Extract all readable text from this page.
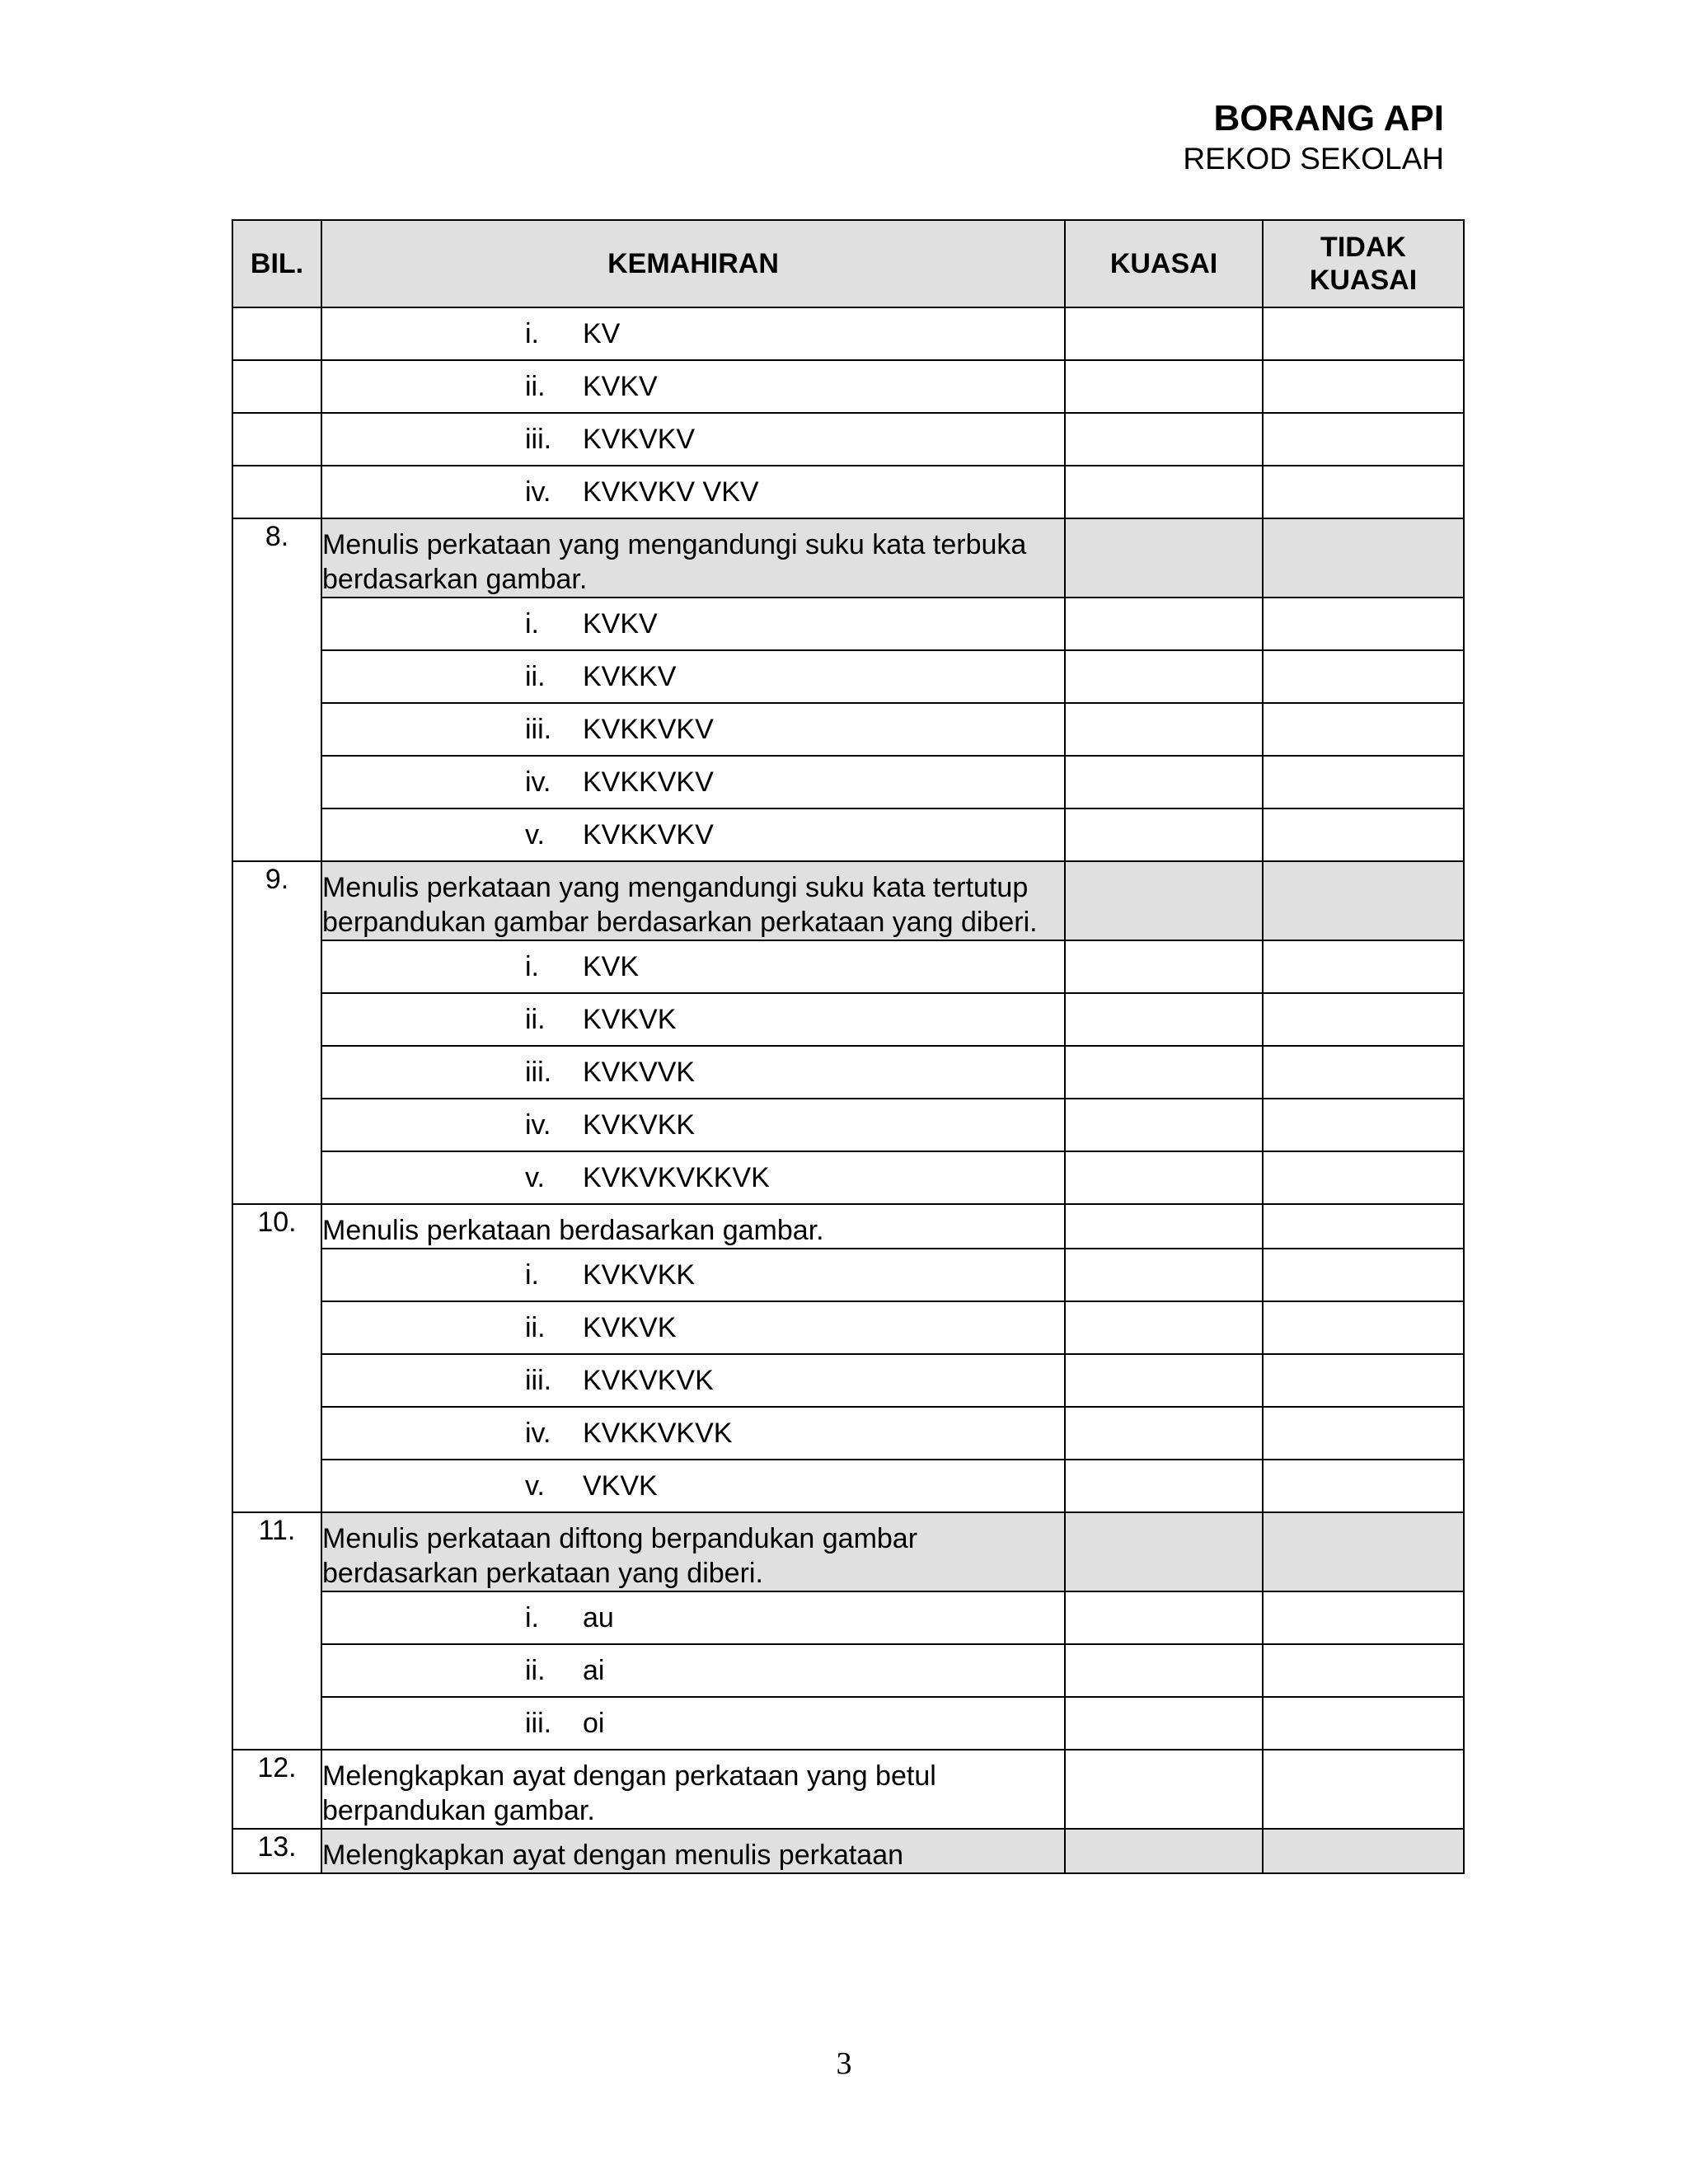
BORANG API
REKOD SEKOLAH
BIL.	KEMAHIRAN	KUASAI	TIDAK KUASAI

	i. KV		

	ii. KVKV		

	iii. KVKVKV		

	iv. KVKVKV VKV		

8.	Menulis perkataan yang mengandungi suku kata terbuka berdasarkan gambar.		

	i. KVKV		

	ii. KVKKV		

	iii. KVKKVKV		

	iv. KVKKVKV		

	v. KVKKVKV		

9.	Menulis perkataan yang mengandungi suku kata tertutup berpandukan gambar berdasarkan perkataan yang diberi.		

	i. KVK		

	ii. KVKVK		

	iii. KVKVVK		

	iv. KVKVKK		

	v. KVKVKVKKVK		

10.	Menulis perkataan berdasarkan gambar.		

	i. KVKVKK		

	ii. KVKVK		

	iii. KVKVKVK		

	iv. KVKKVKVK		

	v. VKVK		

11.	Menulis perkataan diftong berpandukan gambar berdasarkan perkataan yang diberi.		

	i. au		

	ii. ai		

	iii. oi		

12.	Melengkapkan ayat dengan perkataan yang betul berpandukan gambar.		
13.	Melengkapkan ayat dengan menulis perkataan		
3
